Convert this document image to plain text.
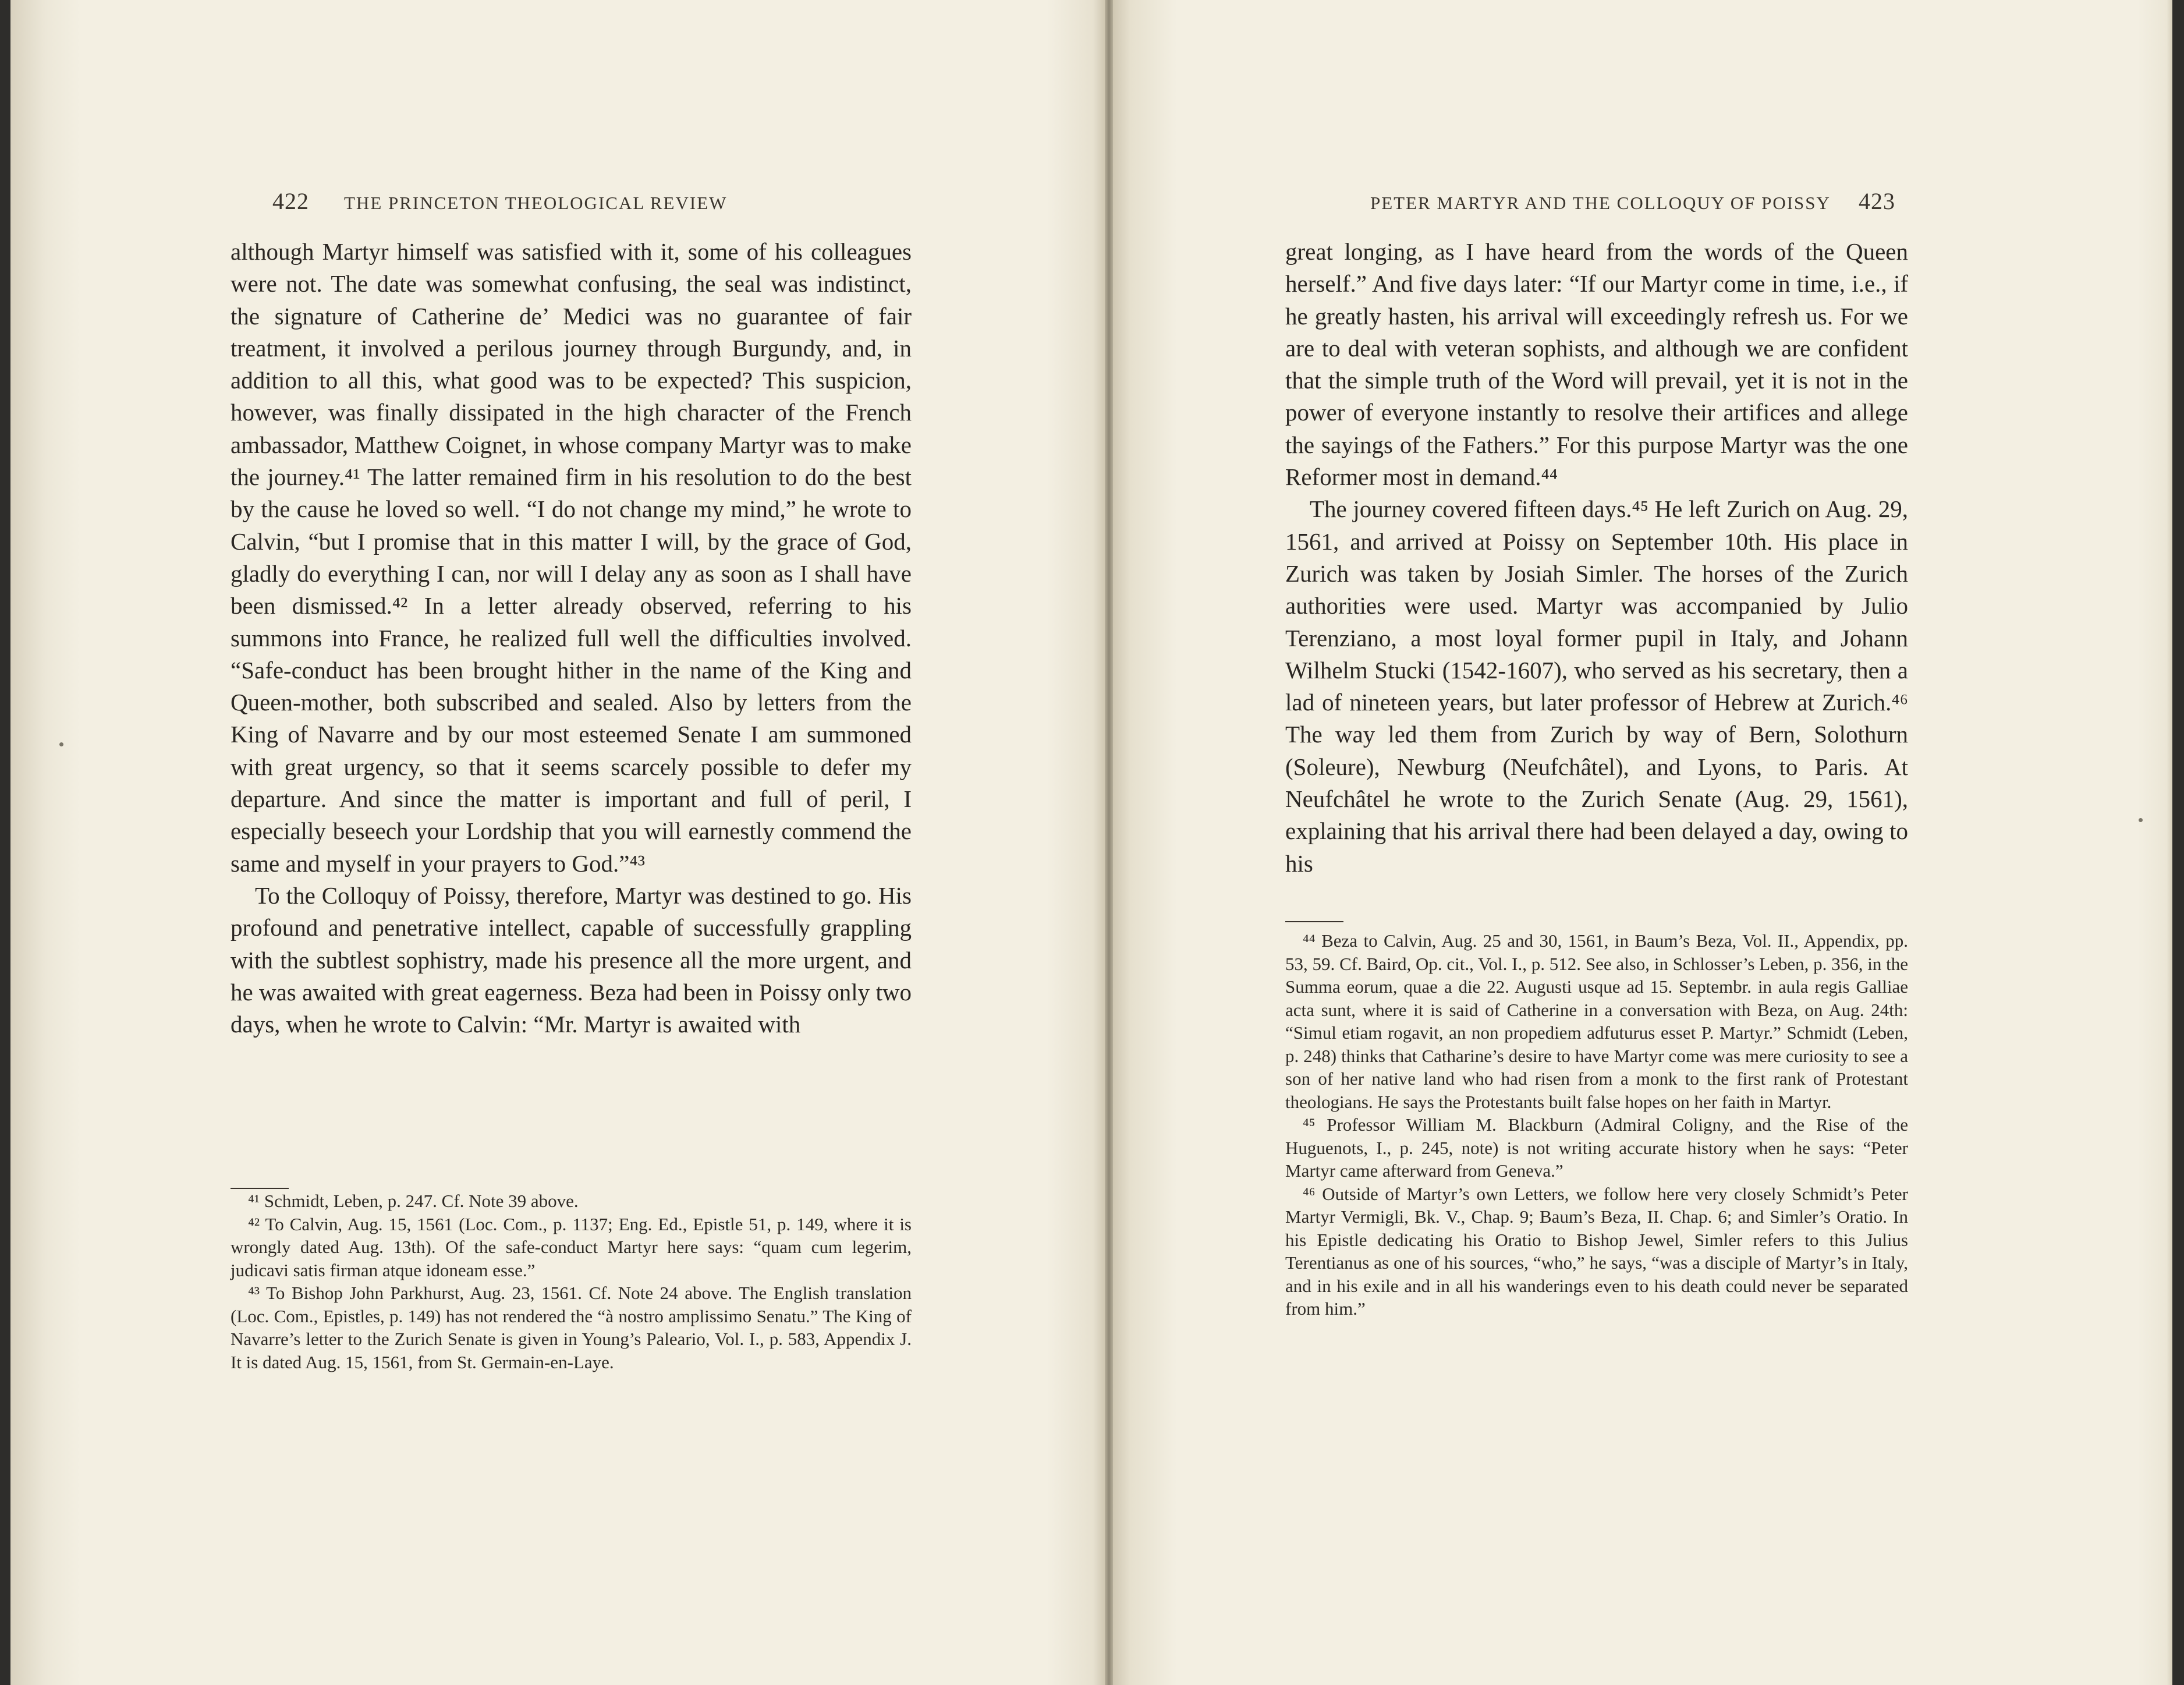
422 THE PRINCETON THEOLOGICAL REVIEW

although Martyr himself was satisfied with it, some of his colleagues were not. The date was somewhat confusing, the seal was indistinct, the signature of Catherine de’ Medici was no guarantee of fair treatment, it involved a perilous journey through Burgundy, and, in addition to all this, what good was to be expected? This suspicion, however, was finally dissipated in the high character of the French ambassador, Matthew Coignet, in whose company Martyr was to make the journey.⁴¹ The latter remained firm in his resolution to do the best by the cause he loved so well. “I do not change my mind,” he wrote to Calvin, “but I promise that in this matter I will, by the grace of God, gladly do everything I can, nor will I delay any as soon as I shall have been dismissed.⁴² In a letter already observed, referring to his summons into France, he realized full well the difficulties involved. “Safe-conduct has been brought hither in the name of the King and Queen-mother, both subscribed and sealed. Also by letters from the King of Navarre and by our most esteemed Senate I am summoned with great urgency, so that it seems scarcely possible to defer my departure. And since the matter is important and full of peril, I especially beseech your Lordship that you will earnestly commend the same and myself in your prayers to God.”⁴³

To the Colloquy of Poissy, therefore, Martyr was destined to go. His profound and penetrative intellect, capable of successfully grappling with the subtlest sophistry, made his presence all the more urgent, and he was awaited with great eagerness. Beza had been in Poissy only two days, when he wrote to Calvin: “Mr. Martyr is awaited with

⁴¹ Schmidt, Leben, p. 247. Cf. Note 39 above.

⁴² To Calvin, Aug. 15, 1561 (Loc. Com., p. 1137; Eng. Ed., Epistle 51, p. 149, where it is wrongly dated Aug. 13th). Of the safe-conduct Martyr here says: “quam cum legerim, judicavi satis firman atque idoneam esse.”

⁴³ To Bishop John Parkhurst, Aug. 23, 1561. Cf. Note 24 above. The English translation (Loc. Com., Epistles, p. 149) has not rendered the “à nostro amplissimo Senatu.” The King of Navarre’s letter to the Zurich Senate is given in Young’s Paleario, Vol. I., p. 583, Appendix J. It is dated Aug. 15, 1561, from St. Germain-en-Laye.

PETER MARTYR AND THE COLLOQUY OF POISSY 423

great longing, as I have heard from the words of the Queen herself.” And five days later: “If our Martyr come in time, i.e., if he greatly hasten, his arrival will exceedingly refresh us. For we are to deal with veteran sophists, and although we are confident that the simple truth of the Word will prevail, yet it is not in the power of everyone instantly to resolve their artifices and allege the sayings of the Fathers.” For this purpose Martyr was the one Reformer most in demand.⁴⁴

The journey covered fifteen days.⁴⁵ He left Zurich on Aug. 29, 1561, and arrived at Poissy on September 10th. His place in Zurich was taken by Josiah Simler. The horses of the Zurich authorities were used. Martyr was accompanied by Julio Terenziano, a most loyal former pupil in Italy, and Johann Wilhelm Stucki (1542-1607), who served as his secretary, then a lad of nineteen years, but later professor of Hebrew at Zurich.⁴⁶ The way led them from Zurich by way of Bern, Solothurn (Soleure), Newburg (Neufchâtel), and Lyons, to Paris. At Neufchâtel he wrote to the Zurich Senate (Aug. 29, 1561), explaining that his arrival there had been delayed a day, owing to his

⁴⁴ Beza to Calvin, Aug. 25 and 30, 1561, in Baum’s Beza, Vol. II., Appendix, pp. 53, 59. Cf. Baird, Op. cit., Vol. I., p. 512. See also, in Schlosser’s Leben, p. 356, in the Summa eorum, quae a die 22. Augusti usque ad 15. Septembr. in aula regis Galliae acta sunt, where it is said of Catherine in a conversation with Beza, on Aug. 24th: “Simul etiam rogavit, an non propediem adfuturus esset P. Martyr.” Schmidt (Leben, p. 248) thinks that Catharine’s desire to have Martyr come was mere curiosity to see a son of her native land who had risen from a monk to the first rank of Protestant theologians. He says the Protestants built false hopes on her faith in Martyr.

⁴⁵ Professor William M. Blackburn (Admiral Coligny, and the Rise of the Huguenots, I., p. 245, note) is not writing accurate history when he says: “Peter Martyr came afterward from Geneva.”

⁴⁶ Outside of Martyr’s own Letters, we follow here very closely Schmidt’s Peter Martyr Vermigli, Bk. V., Chap. 9; Baum’s Beza, II. Chap. 6; and Simler’s Oratio. In his Epistle dedicating his Oratio to Bishop Jewel, Simler refers to this Julius Terentianus as one of his sources, “who,” he says, “was a disciple of Martyr’s in Italy, and in his exile and in all his wanderings even to his death could never be separated from him.”
